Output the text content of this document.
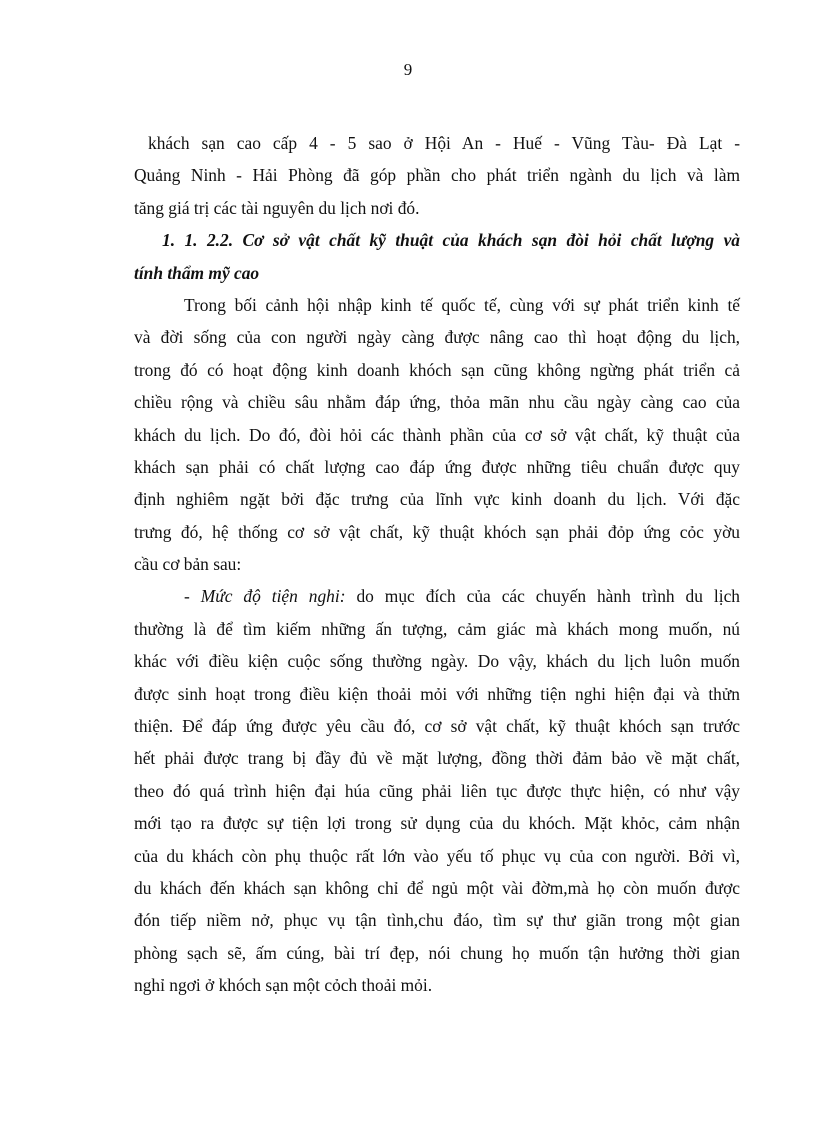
9
khách sạn cao cấp 4 - 5 sao ở Hội An - Huế - Vũng Tàu- Đà Lạt -
Quảng Ninh - Hải Phòng đã góp phần cho phát triển ngành du lịch và làm
tăng giá trị các tài nguyên du lịch nơi đó.
1. 1. 2.2. Cơ sở vật chất kỹ thuật của khách sạn đòi hỏi chất lượng và
tính thẩm mỹ cao
Trong bối cảnh hội nhập kinh tế quốc tế, cùng với sự phát triển kinh tế
và đời sống của con người ngày càng được nâng cao thì hoạt động du lịch,
trong đó có hoạt động kinh doanh khóch sạn cũng không ngừng phát triển cả
chiều rộng và chiều sâu nhằm đáp ứng, thỏa mãn nhu cầu ngày càng cao của
khách du lịch. Do đó, đòi hỏi các thành phần của cơ sở vật chất, kỹ thuật của
khách sạn phải có chất lượng cao đáp ứng được những tiêu chuẩn được quy
định nghiêm ngặt bởi đặc trưng của lĩnh vực kinh doanh du lịch. Với đặc
trưng đó, hệ thống cơ sở vật chất, kỹ thuật khóch sạn phải đỏp ứng cỏc yờu
cầu cơ bản sau:
- Mức độ tiện nghi: do mục đích của các chuyến hành trình du lịch
thường là để tìm kiếm những ấn tượng, cảm giác mà khách mong muốn, nú
khác với điều kiện cuộc sống thường ngày. Do vậy, khách du lịch luôn muốn
được sinh hoạt trong điều kiện thoải mỏi với những tiện nghi hiện đại và thửn
thiện. Để đáp ứng được yêu cầu đó, cơ sở vật chất, kỹ thuật khóch sạn trước
hết phải được trang bị đầy đủ về mặt lượng, đồng thời đảm bảo về mặt chất,
theo đó quá trình hiện đại húa cũng phải liên tục được thực hiện, có như vậy
mới tạo ra được sự tiện lợi trong sử dụng của du khóch. Mặt khỏc, cảm nhận
của du khách còn phụ thuộc rất lớn vào yếu tố phục vụ của con người. Bởi vì,
du khách đến khách sạn không chỉ để ngủ một vài đờm,mà họ còn muốn được
đón tiếp niềm nở, phục vụ tận tình,chu đáo, tìm sự thư giãn trong một gian
phòng sạch sẽ, ấm cúng, bài trí đẹp, nói chung họ muốn tận hưởng thời gian
nghỉ ngơi ở khóch sạn một cỏch thoải mỏi.
